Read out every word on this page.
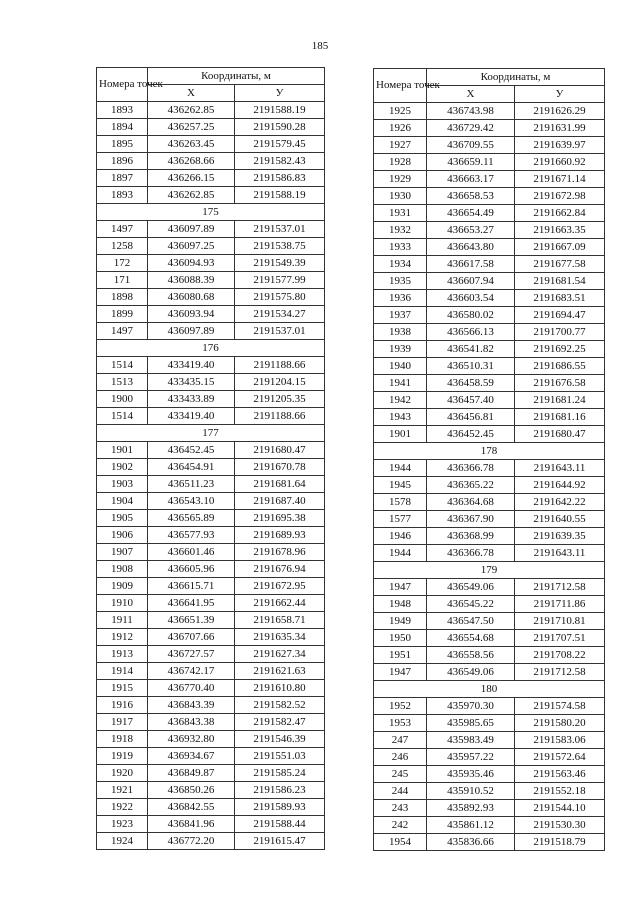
185
Номера точек	Координаты, м	
	X	У
1893	436262.85	2191588.19
1894	436257.25	2191590.28
1895	436263.45	2191579.45
1896	436268.66	2191582.43
1897	436266.15	2191586.83
1893	436262.85	2191588.19
175		
1497	436097.89	2191537.01
1258	436097.25	2191538.75
172	436094.93	2191549.39
171	436088.39	2191577.99
1898	436080.68	2191575.80
1899	436093.94	2191534.27
1497	436097.89	2191537.01
176		
1514	433419.40	2191188.66
1513	433435.15	2191204.15
1900	433433.89	2191205.35
1514	433419.40	2191188.66
177		
1901	436452.45	2191680.47
1902	436454.91	2191670.78
1903	436511.23	2191681.64
1904	436543.10	2191687.40
1905	436565.89	2191695.38
1906	436577.93	2191689.93
1907	436601.46	2191678.96
1908	436605.96	2191676.94
1909	436615.71	2191672.95
1910	436641.95	2191662.44
1911	436651.39	2191658.71
1912	436707.66	2191635.34
1913	436727.57	2191627.34
1914	436742.17	2191621.63
1915	436770.40	2191610.80
1916	436843.39	2191582.52
1917	436843.38	2191582.47
1918	436932.80	2191546.39
1919	436934.67	2191551.03
1920	436849.87	2191585.24
1921	436850.26	2191586.23
1922	436842.55	2191589.93
1923	436841.96	2191588.44
1924	436772.20	2191615.47
Номера точек	Координаты, м	
	X	У
1925	436743.98	2191626.29
1926	436729.42	2191631.99
1927	436709.55	2191639.97
1928	436659.11	2191660.92
1929	436663.17	2191671.14
1930	436658.53	2191672.98
1931	436654.49	2191662.84
1932	436653.27	2191663.35
1933	436643.80	2191667.09
1934	436617.58	2191677.58
1935	436607.94	2191681.54
1936	436603.54	2191683.51
1937	436580.02	2191694.47
1938	436566.13	2191700.77
1939	436541.82	2191692.25
1940	436510.31	2191686.55
1941	436458.59	2191676.58
1942	436457.40	2191681.24
1943	436456.81	2191681.16
1901	436452.45	2191680.47
178		
1944	436366.78	2191643.11
1945	436365.22	2191644.92
1578	436364.68	2191642.22
1577	436367.90	2191640.55
1946	436368.99	2191639.35
1944	436366.78	2191643.11
179		
1947	436549.06	2191712.58
1948	436545.22	2191711.86
1949	436547.50	2191710.81
1950	436554.68	2191707.51
1951	436558.56	2191708.22
1947	436549.06	2191712.58
180		
1952	435970.30	2191574.58
1953	435985.65	2191580.20
247	435983.49	2191583.06
246	435957.22	2191572.64
245	435935.46	2191563.46
244	435910.52	2191552.18
243	435892.93	2191544.10
242	435861.12	2191530.30
1954	435836.66	2191518.79
